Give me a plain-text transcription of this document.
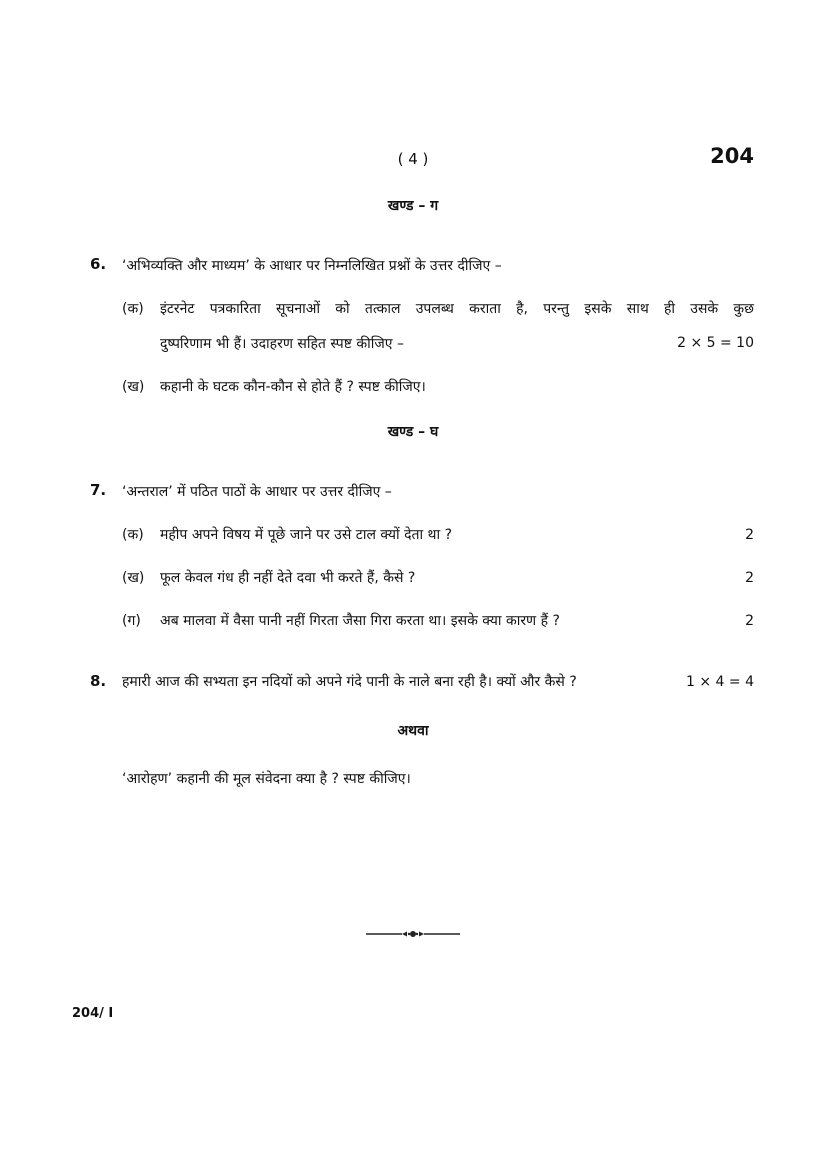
( 4 )	204
खण्ड – ग
6. ‘अभिव्यक्ति और माध्यम’ के आधार पर निम्नलिखित प्रश्नों के उत्तर दीजिए –
(क) इंटरनेट पत्रकारिता सूचनाओं को तत्काल उपलब्ध कराता है, परन्तु इसके साथ ही उसके कुछ
दुष्परिणाम भी हैं। उदाहरण सहित स्पष्ट कीजिए –	2 × 5 = 10
(ख) कहानी के घटक कौन-कौन से होते हैं ? स्पष्ट कीजिए।
खण्ड – घ
7. ‘अन्तराल’ में पठित पाठों के आधार पर उत्तर दीजिए –
(क) महीप अपने विषय में पूछे जाने पर उसे टाल क्यों देता था ?	2
(ख) फूल केवल गंध ही नहीं देते दवा भी करते हैं, कैसे ?	2
(ग) अब मालवा में वैसा पानी नहीं गिरता जैसा गिरा करता था। इसके क्या कारण हैं ?	2
8. हमारी आज की सभ्यता इन नदियों को अपने गंदे पानी के नाले बना रही है। क्यों और कैसे ?	1 × 4 = 4
अथवा
‘आरोहण’ कहानी की मूल संवेदना क्या है ? स्पष्ट कीजिए।
204/ I
